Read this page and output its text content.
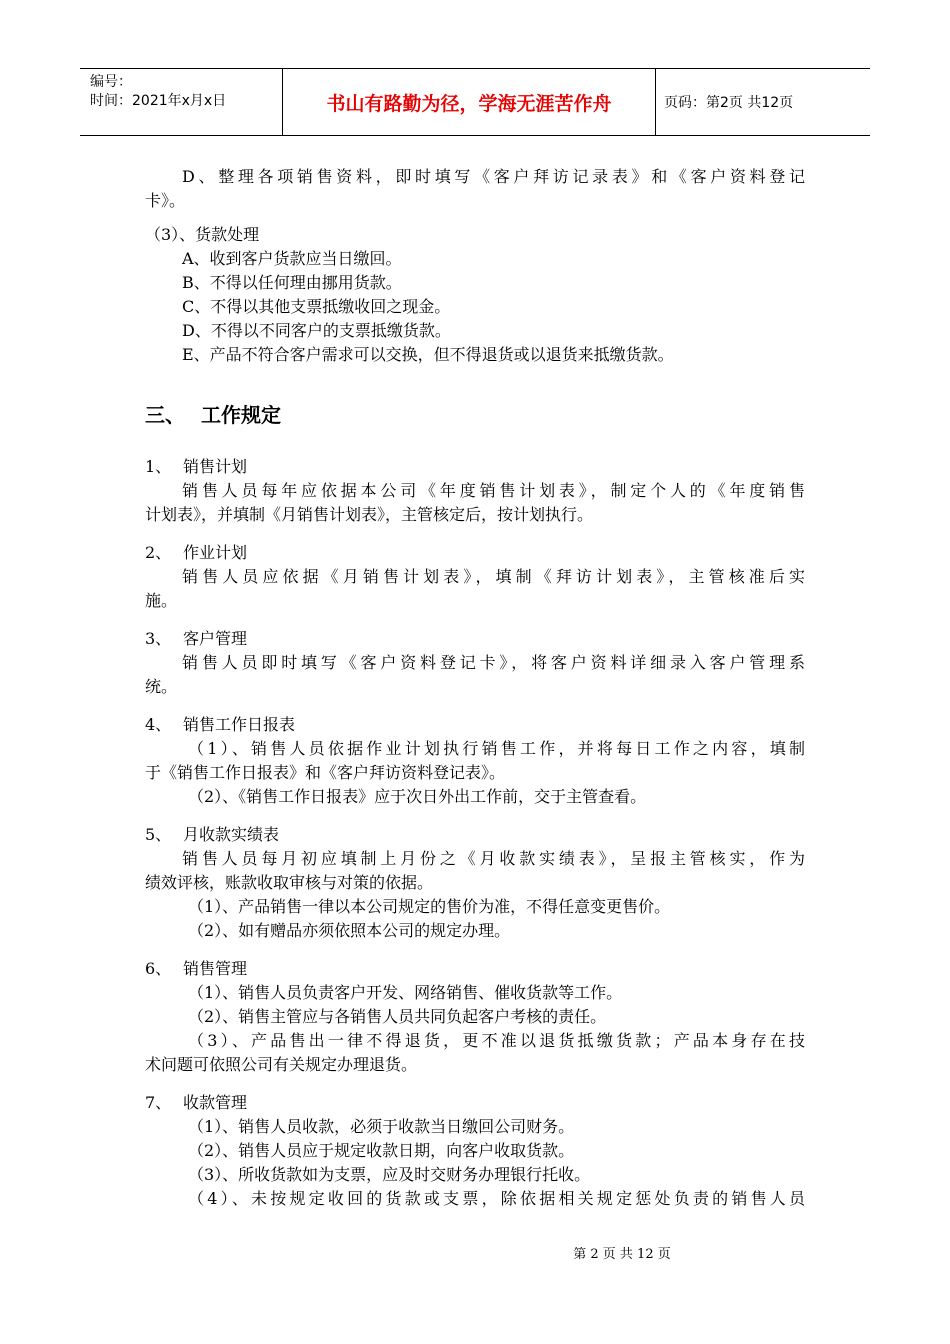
编号：
时间：2021年x月x日	书山有路勤为径，学海无涯苦作舟	页码：第2页 共12页
D、整理各项销售资料，即时填写《客户拜访记录表》和《客户资料登记
卡》。
（3）、货款处理
A、收到客户货款应当日缴回。
B、不得以任何理由挪用货款。
C、不得以其他支票抵缴收回之现金。
D、不得以不同客户的支票抵缴货款。
E、产品不符合客户需求可以交换，但不得退货或以退货来抵缴货款。
三、 工作规定
1、 销售计划
销售人员每年应依据本公司《年度销售计划表》，制定个人的《年度销售
计划表》，并填制《月销售计划表》，主管核定后，按计划执行。
2、 作业计划
销售人员应依据《月销售计划表》，填制《拜访计划表》，主管核准后实
施。
3、 客户管理
销售人员即时填写《客户资料登记卡》，将客户资料详细录入客户管理系
统。
4、 销售工作日报表
（1）、销售人员依据作业计划执行销售工作，并将每日工作之内容，填制
于《销售工作日报表》和《客户拜访资料登记表》。
（2）、《销售工作日报表》应于次日外出工作前，交于主管查看。
5、 月收款实绩表
销售人员每月初应填制上月份之《月收款实绩表》，呈报主管核实，作为
绩效评核，账款收取审核与对策的依据。
（1）、产品销售一律以本公司规定的售价为准，不得任意变更售价。
（2）、如有赠品亦须依照本公司的规定办理。
6、 销售管理
（1）、销售人员负责客户开发、网络销售、催收货款等工作。
（2）、销售主管应与各销售人员共同负起客户考核的责任。
（3）、产品售出一律不得退货，更不准以退货抵缴货款；产品本身存在技
术问题可依照公司有关规定办理退货。
7、 收款管理
（1）、销售人员收款，必须于收款当日缴回公司财务。
（2）、销售人员应于规定收款日期，向客户收取货款。
（3）、所收货款如为支票，应及时交财务办理银行托收。
（4）、未按规定收回的货款或支票，除依据相关规定惩处负责的销售人员
第 2 页 共 12 页
